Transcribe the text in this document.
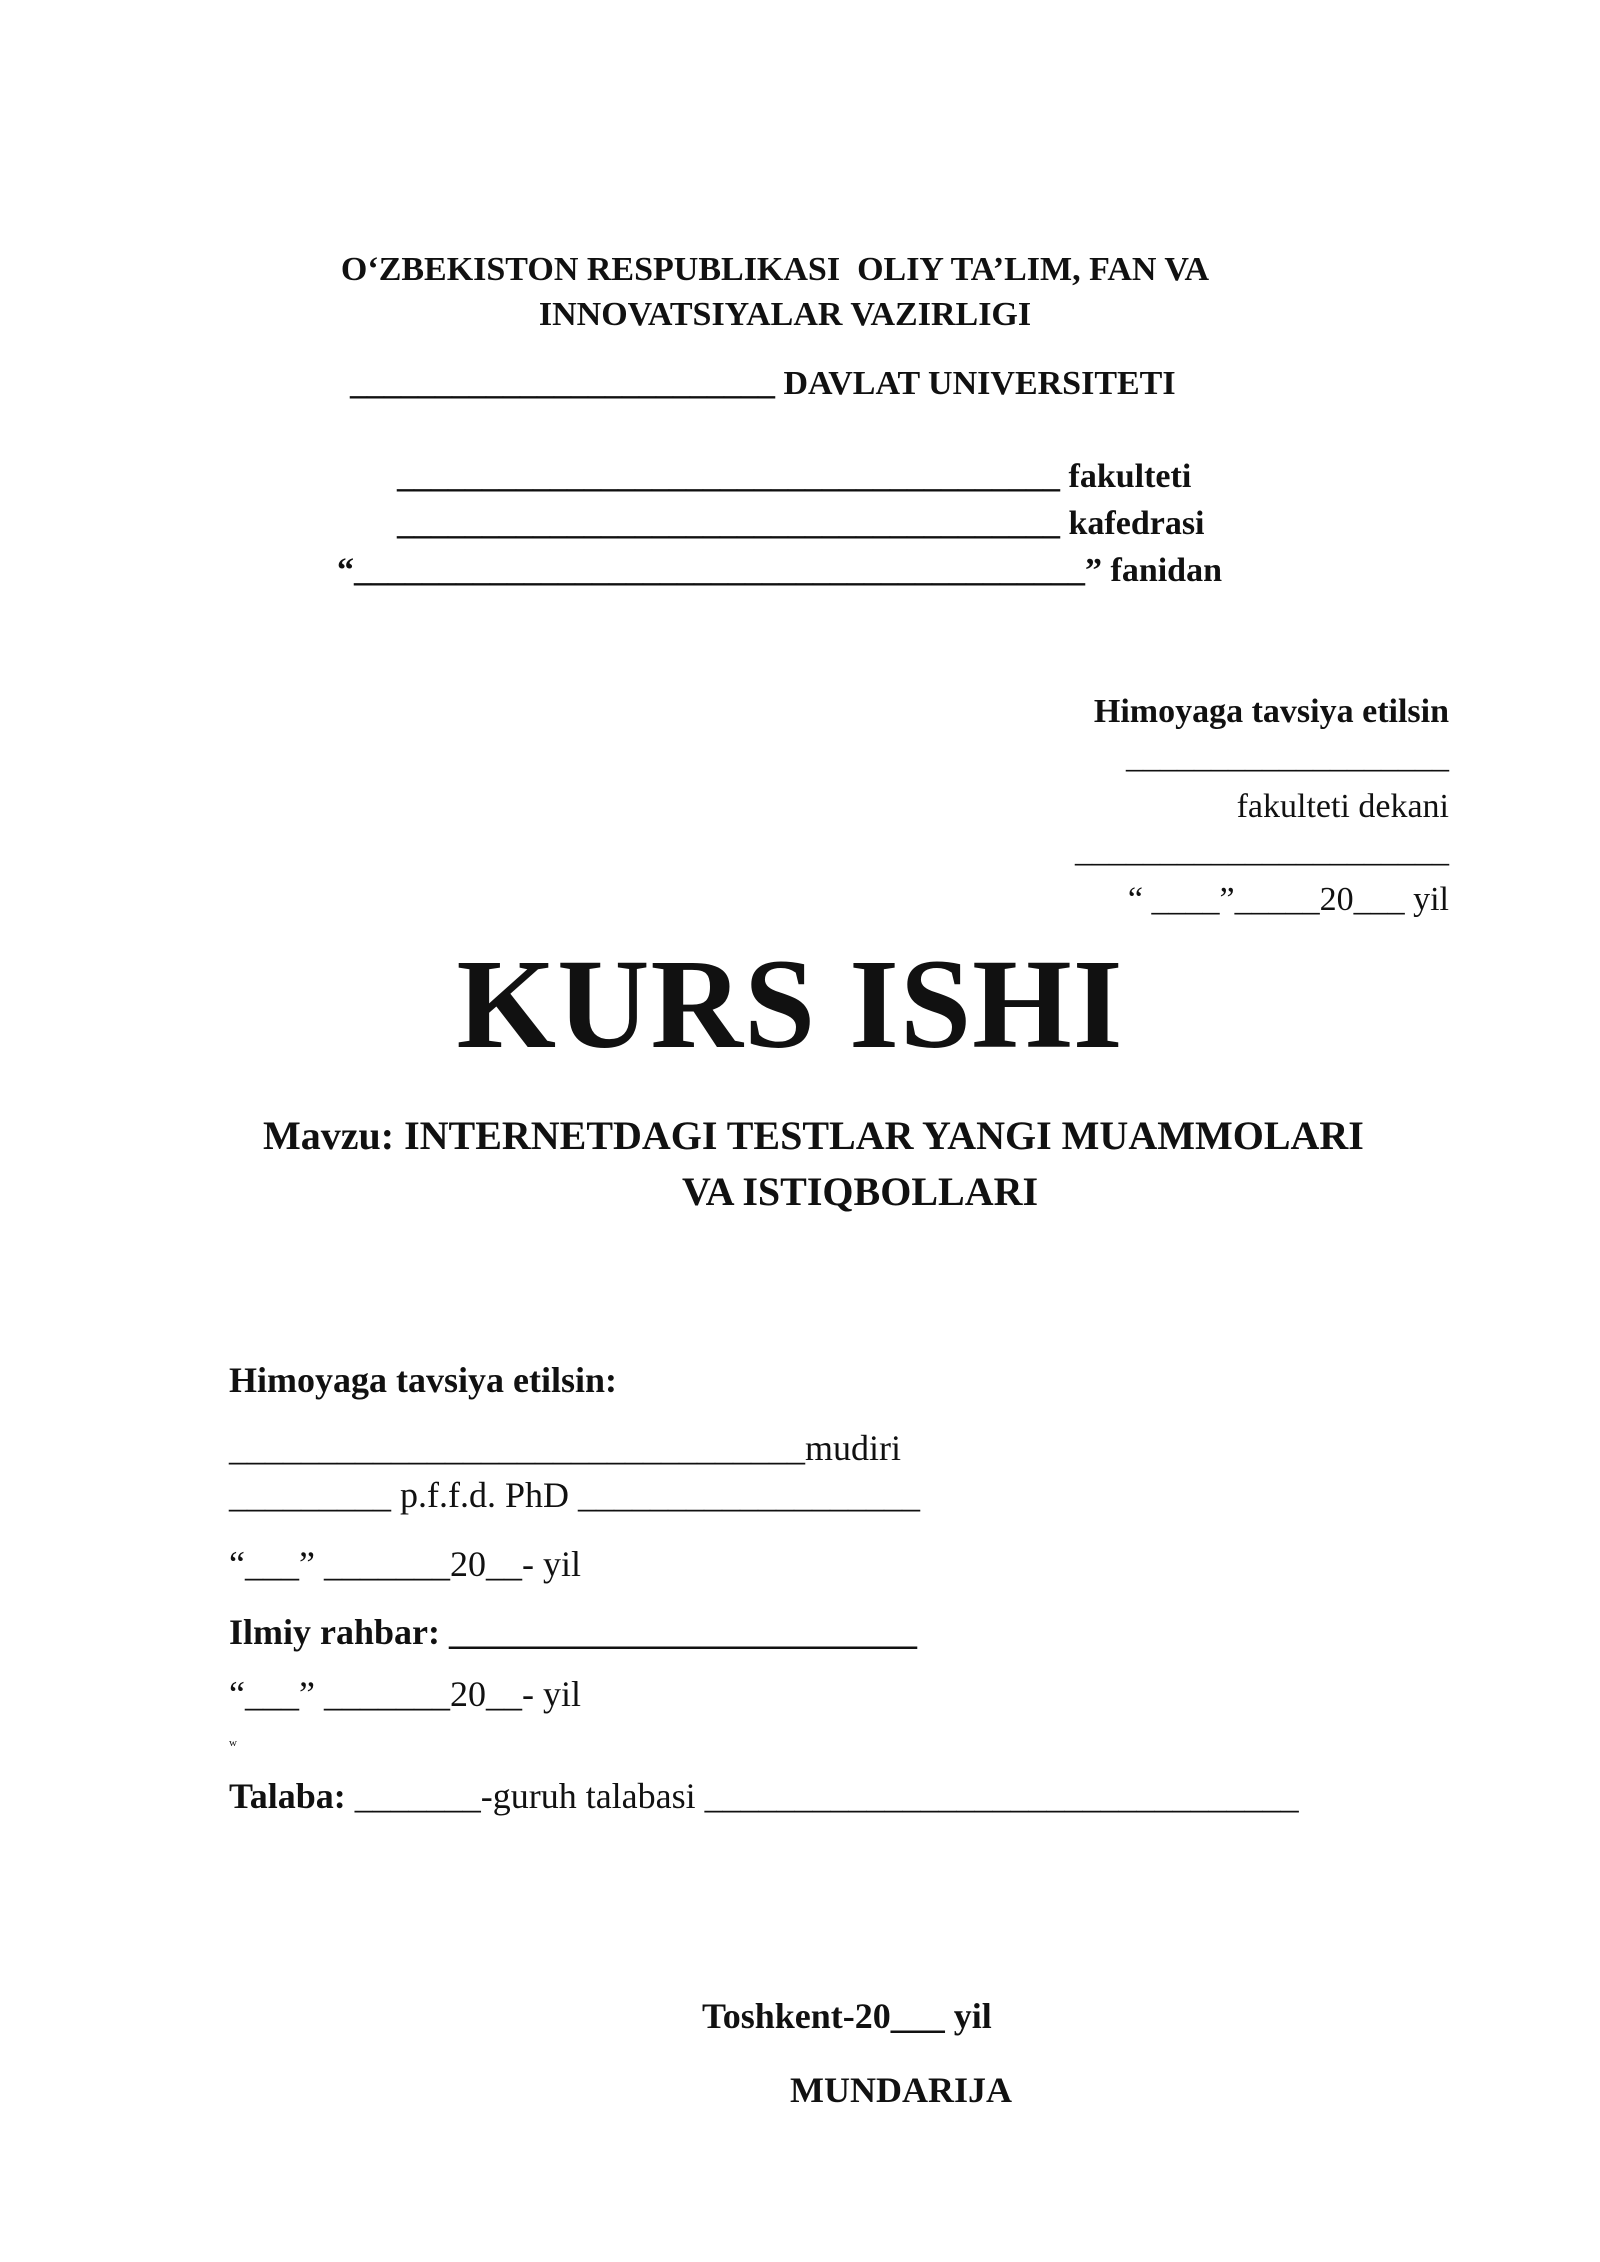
O‘ZBEKISTON RESPUBLIKASI  OLIY TA’LIM, FAN VA
INNOVATSIYALAR VAZIRLIGI
_________________________ DAVLAT UNIVERSITETI
_______________________________________ fakulteti
_______________________________________ kafedrasi
“___________________________________________” fanidan
Himoyaga tavsiya etilsin
___________________
fakulteti dekani
______________________
“ ____”_____20___ yil
KURS ISHI
Mavzu: INTERNETDAGI TESTLAR YANGI MUAMMOLARI
VA ISTIQBOLLARI
Himoyaga tavsiya etilsin:
________________________________mudiri
_________ p.f.f.d. PhD ___________________
“___” _______20__- yil
Ilmiy rahbar: __________________________
“___” _______20__- yil
w
Talaba: _______-guruh talabasi _________________________________
Toshkent-20___ yil
MUNDARIJA
